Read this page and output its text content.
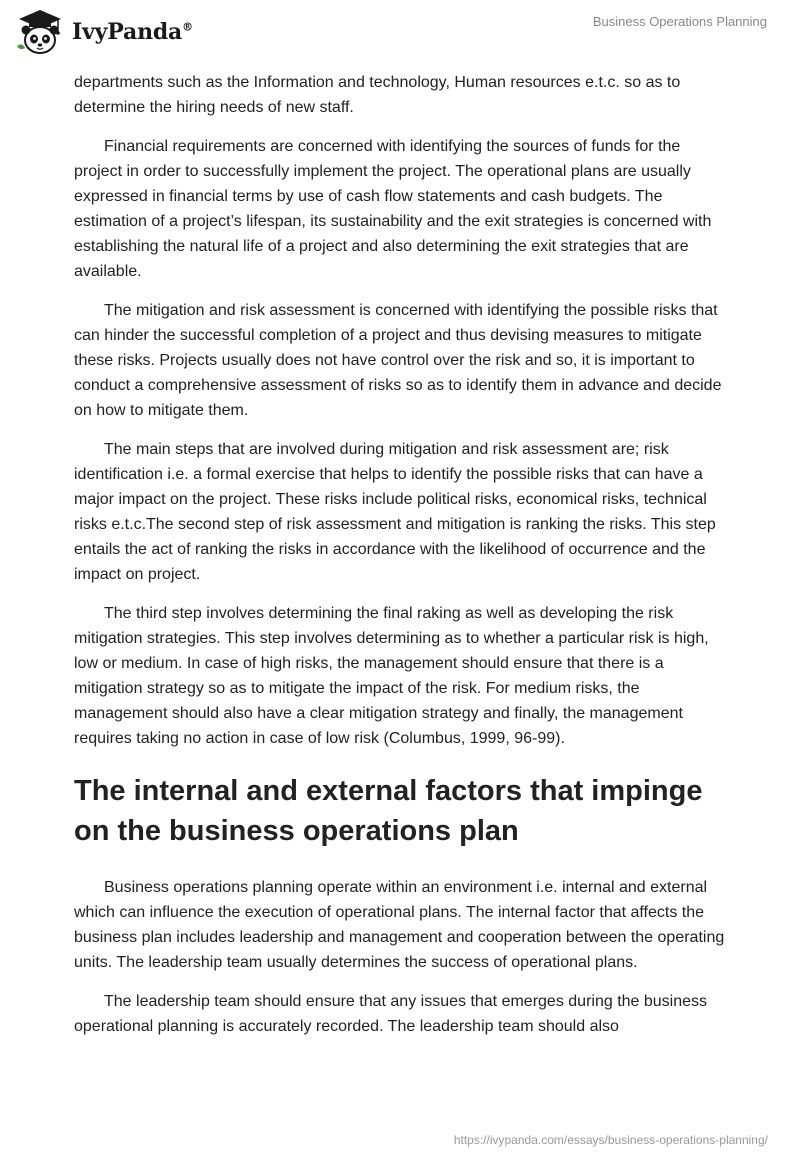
IvyPanda®	Business Operations Planning

departments such as the Information and technology, Human resources e.t.c. so as to determine the hiring needs of new staff.

Financial requirements are concerned with identifying the sources of funds for the project in order to successfully implement the project. The operational plans are usually expressed in financial terms by use of cash flow statements and cash budgets. The estimation of a project’s lifespan, its sustainability and the exit strategies is concerned with establishing the natural life of a project and also determining the exit strategies that are available.

The mitigation and risk assessment is concerned with identifying the possible risks that can hinder the successful completion of a project and thus devising measures to mitigate these risks. Projects usually does not have control over the risk and so, it is important to conduct a comprehensive assessment of risks so as to identify them in advance and decide on how to mitigate them.

The main steps that are involved during mitigation and risk assessment are; risk identification i.e. a formal exercise that helps to identify the possible risks that can have a major impact on the project. These risks include political risks, economical risks, technical risks e.t.c.The second step of risk assessment and mitigation is ranking the risks. This step entails the act of ranking the risks in accordance with the likelihood of occurrence and the impact on project.

The third step involves determining the final raking as well as developing the risk mitigation strategies. This step involves determining as to whether a particular risk is high, low or medium. In case of high risks, the management should ensure that there is a mitigation strategy so as to mitigate the impact of the risk. For medium risks, the management should also have a clear mitigation strategy and finally, the management requires taking no action in case of low risk (Columbus, 1999, 96-99).

The internal and external factors that impinge on the business operations plan

Business operations planning operate within an environment i.e. internal and external which can influence the execution of operational plans. The internal factor that affects the business plan includes leadership and management and cooperation between the operating units. The leadership team usually determines the success of operational plans.

The leadership team should ensure that any issues that emerges during the business operational planning is accurately recorded. The leadership team should also

https://ivypanda.com/essays/business-operations-planning/
